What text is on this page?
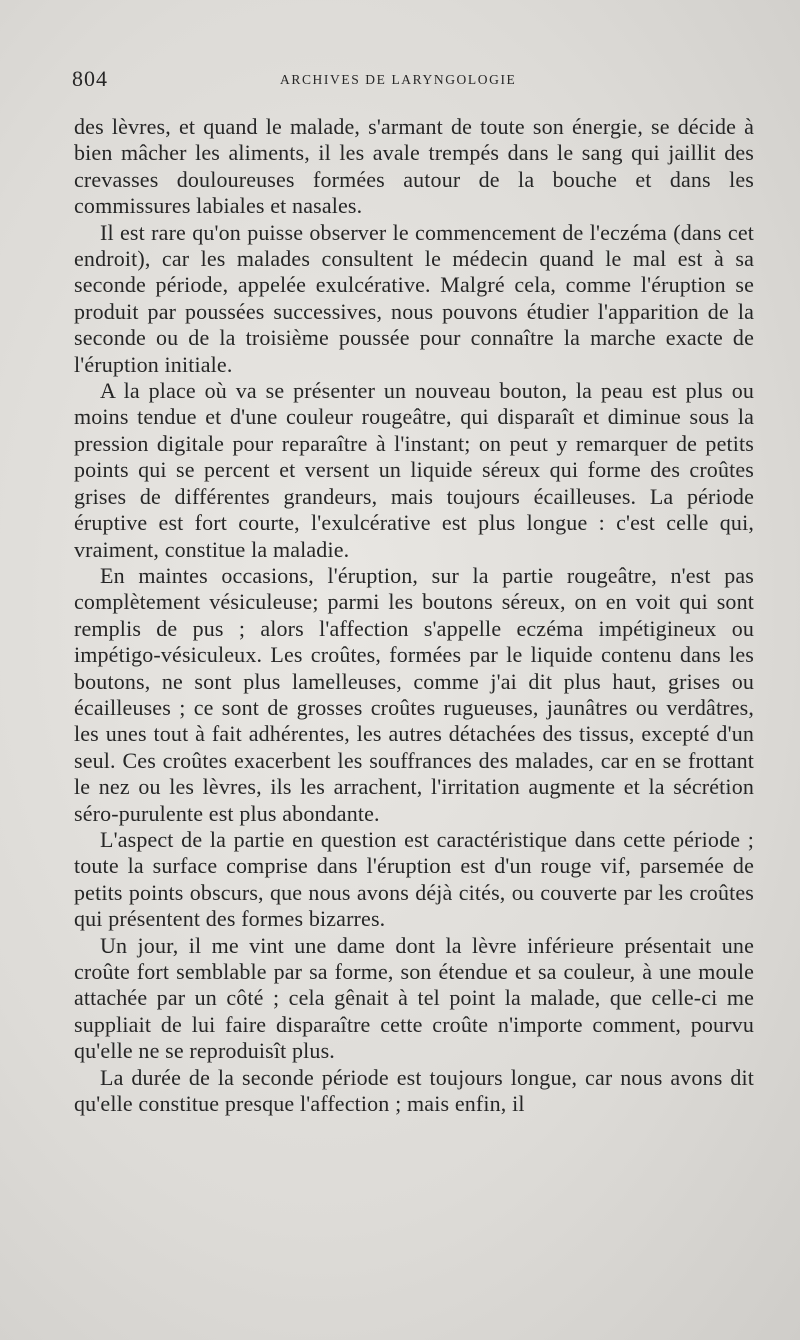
804	ARCHIVES DE LARYNGOLOGIE

des lèvres, et quand le malade, s'armant de toute son énergie, se décide à bien mâcher les aliments, il les avale trempés dans le sang qui jaillit des crevasses douloureuses formées autour de la bouche et dans les commissures labiales et nasales.

Il est rare qu'on puisse observer le commencement de l'eczéma (dans cet endroit), car les malades consultent le médecin quand le mal est à sa seconde période, appelée exulcérative. Malgré cela, comme l'éruption se produit par poussées successives, nous pouvons étudier l'apparition de la seconde ou de la troisième poussée pour connaître la marche exacte de l'éruption initiale.

A la place où va se présenter un nouveau bouton, la peau est plus ou moins tendue et d'une couleur rougeâtre, qui disparaît et diminue sous la pression digitale pour reparaître à l'instant; on peut y remarquer de petits points qui se percent et versent un liquide séreux qui forme des croûtes grises de différentes grandeurs, mais toujours écailleuses. La période éruptive est fort courte, l'exulcérative est plus longue : c'est celle qui, vraiment, constitue la maladie.

En maintes occasions, l'éruption, sur la partie rougeâtre, n'est pas complètement vésiculeuse; parmi les boutons séreux, on en voit qui sont remplis de pus ; alors l'affection s'appelle eczéma impétigineux ou impétigo-vésiculeux. Les croûtes, formées par le liquide contenu dans les boutons, ne sont plus lamelleuses, comme j'ai dit plus haut, grises ou écailleuses ; ce sont de grosses croûtes rugueuses, jaunâtres ou verdâtres, les unes tout à fait adhérentes, les autres détachées des tissus, excepté d'un seul. Ces croûtes exacerbent les souffrances des malades, car en se frottant le nez ou les lèvres, ils les arrachent, l'irritation augmente et la sécrétion séro-purulente est plus abondante.

L'aspect de la partie en question est caractéristique dans cette période ; toute la surface comprise dans l'éruption est d'un rouge vif, parsemée de petits points obscurs, que nous avons déjà cités, ou couverte par les croûtes qui présentent des formes bizarres.

Un jour, il me vint une dame dont la lèvre inférieure présentait une croûte fort semblable par sa forme, son étendue et sa couleur, à une moule attachée par un côté ; cela gênait à tel point la malade, que celle-ci me suppliait de lui faire disparaître cette croûte n'importe comment, pourvu qu'elle ne se reproduisît plus.

La durée de la seconde période est toujours longue, car nous avons dit qu'elle constitue presque l'affection ; mais enfin, il
